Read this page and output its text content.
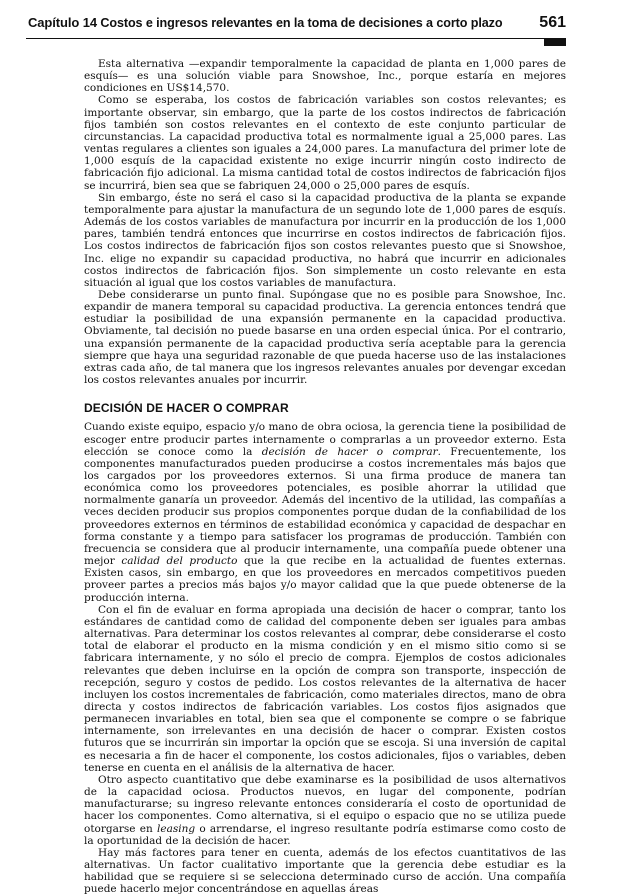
Capítulo 14 Costos e ingresos relevantes en la toma de decisiones a corto plazo 561

Esta alternativa —expandir temporalmente la capacidad de planta en 1,000 pares de esquís— es una solución viable para Snowshoe, Inc., porque estaría en mejores condiciones en US$14,570.

Como se esperaba, los costos de fabricación variables son costos relevantes; es importante observar, sin embargo, que la parte de los costos indirectos de fabricación fijos también son costos relevantes en el contexto de este conjunto particular de circunstancias. La capacidad productiva total es normalmente igual a 25,000 pares. Las ventas regulares a clientes son iguales a 24,000 pares. La manufactura del primer lote de 1,000 esquís de la capacidad existente no exige incurrir ningún costo indirecto de fabricación fijo adicional. La misma cantidad total de costos indirectos de fabricación fijos se incurrirá, bien sea que se fabriquen 24,000 o 25,000 pares de esquís.

Sin embargo, éste no será el caso si la capacidad productiva de la planta se expande temporalmente para ajustar la manufactura de un segundo lote de 1,000 pares de esquís. Además de los costos variables de manufactura por incurrir en la producción de los 1,000 pares, también tendrá entonces que incurrirse en costos indirectos de fabricación fijos. Los costos indirectos de fabricación fijos son costos relevantes puesto que si Snowshoe, Inc. elige no expandir su capacidad productiva, no habrá que incurrir en adicionales costos indirectos de fabricación fijos. Son simplemente un costo relevante en esta situación al igual que los costos variables de manufactura.

Debe considerarse un punto final. Supóngase que no es posible para Snowshoe, Inc. expandir de manera temporal su capacidad productiva. La gerencia entonces tendrá que estudiar la posibilidad de una expansión permanente en la capacidad productiva. Obviamente, tal decisión no puede basarse en una orden especial única. Por el contrario, una expansión permanente de la capacidad productiva sería aceptable para la gerencia siempre que haya una seguridad razonable de que pueda hacerse uso de las instalaciones extras cada año, de tal manera que los ingresos relevantes anuales por devengar excedan los costos relevantes anuales por incurrir.

DECISIÓN DE HACER O COMPRAR

Cuando existe equipo, espacio y/o mano de obra ociosa, la gerencia tiene la posibilidad de escoger entre producir partes internamente o comprarlas a un proveedor externo. Esta elección se conoce como la decisión de hacer o comprar. Frecuentemente, los componentes manufacturados pueden producirse a costos incrementales más bajos que los cargados por los proveedores externos. Si una firma produce de manera tan económica como los proveedores potenciales, es posible ahorrar la utilidad que normalmente ganaría un proveedor. Además del incentivo de la utilidad, las compañías a veces deciden producir sus propios componentes porque dudan de la confiabilidad de los proveedores externos en términos de estabilidad económica y capacidad de despachar en forma constante y a tiempo para satisfacer los programas de producción. También con frecuencia se considera que al producir internamente, una compañía puede obtener una mejor calidad del producto que la que recibe en la actualidad de fuentes externas. Existen casos, sin embargo, en que los proveedores en mercados competitivos pueden proveer partes a precios más bajos y/o mayor calidad que la que puede obtenerse de la producción interna.

Con el fin de evaluar en forma apropiada una decisión de hacer o comprar, tanto los estándares de cantidad como de calidad del componente deben ser iguales para ambas alternativas. Para determinar los costos relevantes al comprar, debe considerarse el costo total de elaborar el producto en la misma condición y en el mismo sitio como si se fabricara internamente, y no sólo el precio de compra. Ejemplos de costos adicionales relevantes que deben incluirse en la opción de compra son transporte, inspección de recepción, seguro y costos de pedido. Los costos relevantes de la alternativa de hacer incluyen los costos incrementales de fabricación, como materiales directos, mano de obra directa y costos indirectos de fabricación variables. Los costos fijos asignados que permanecen invariables en total, bien sea que el componente se compre o se fabrique internamente, son irrelevantes en una decisión de hacer o comprar. Existen costos futuros que se incurrirán sin importar la opción que se escoja. Si una inversión de capital es necesaria a fin de hacer el componente, los costos adicionales, fijos o variables, deben tenerse en cuenta en el análisis de la alternativa de hacer.

Otro aspecto cuantitativo que debe examinarse es la posibilidad de usos alternativos de la capacidad ociosa. Productos nuevos, en lugar del componente, podrían manufacturarse; su ingreso relevante entonces consideraría el costo de oportunidad de hacer los componentes. Como alternativa, si el equipo o espacio que no se utiliza puede otorgarse en leasing o arrendarse, el ingreso resultante podría estimarse como costo de la oportunidad de la decisión de hacer.

Hay más factores para tener en cuenta, además de los efectos cuantitativos de las alternativas. Un factor cualitativo importante que la gerencia debe estudiar es la habilidad que se requiere si se selecciona determinado curso de acción. Una compañía puede hacerlo mejor concentrándose en aquellas áreas
